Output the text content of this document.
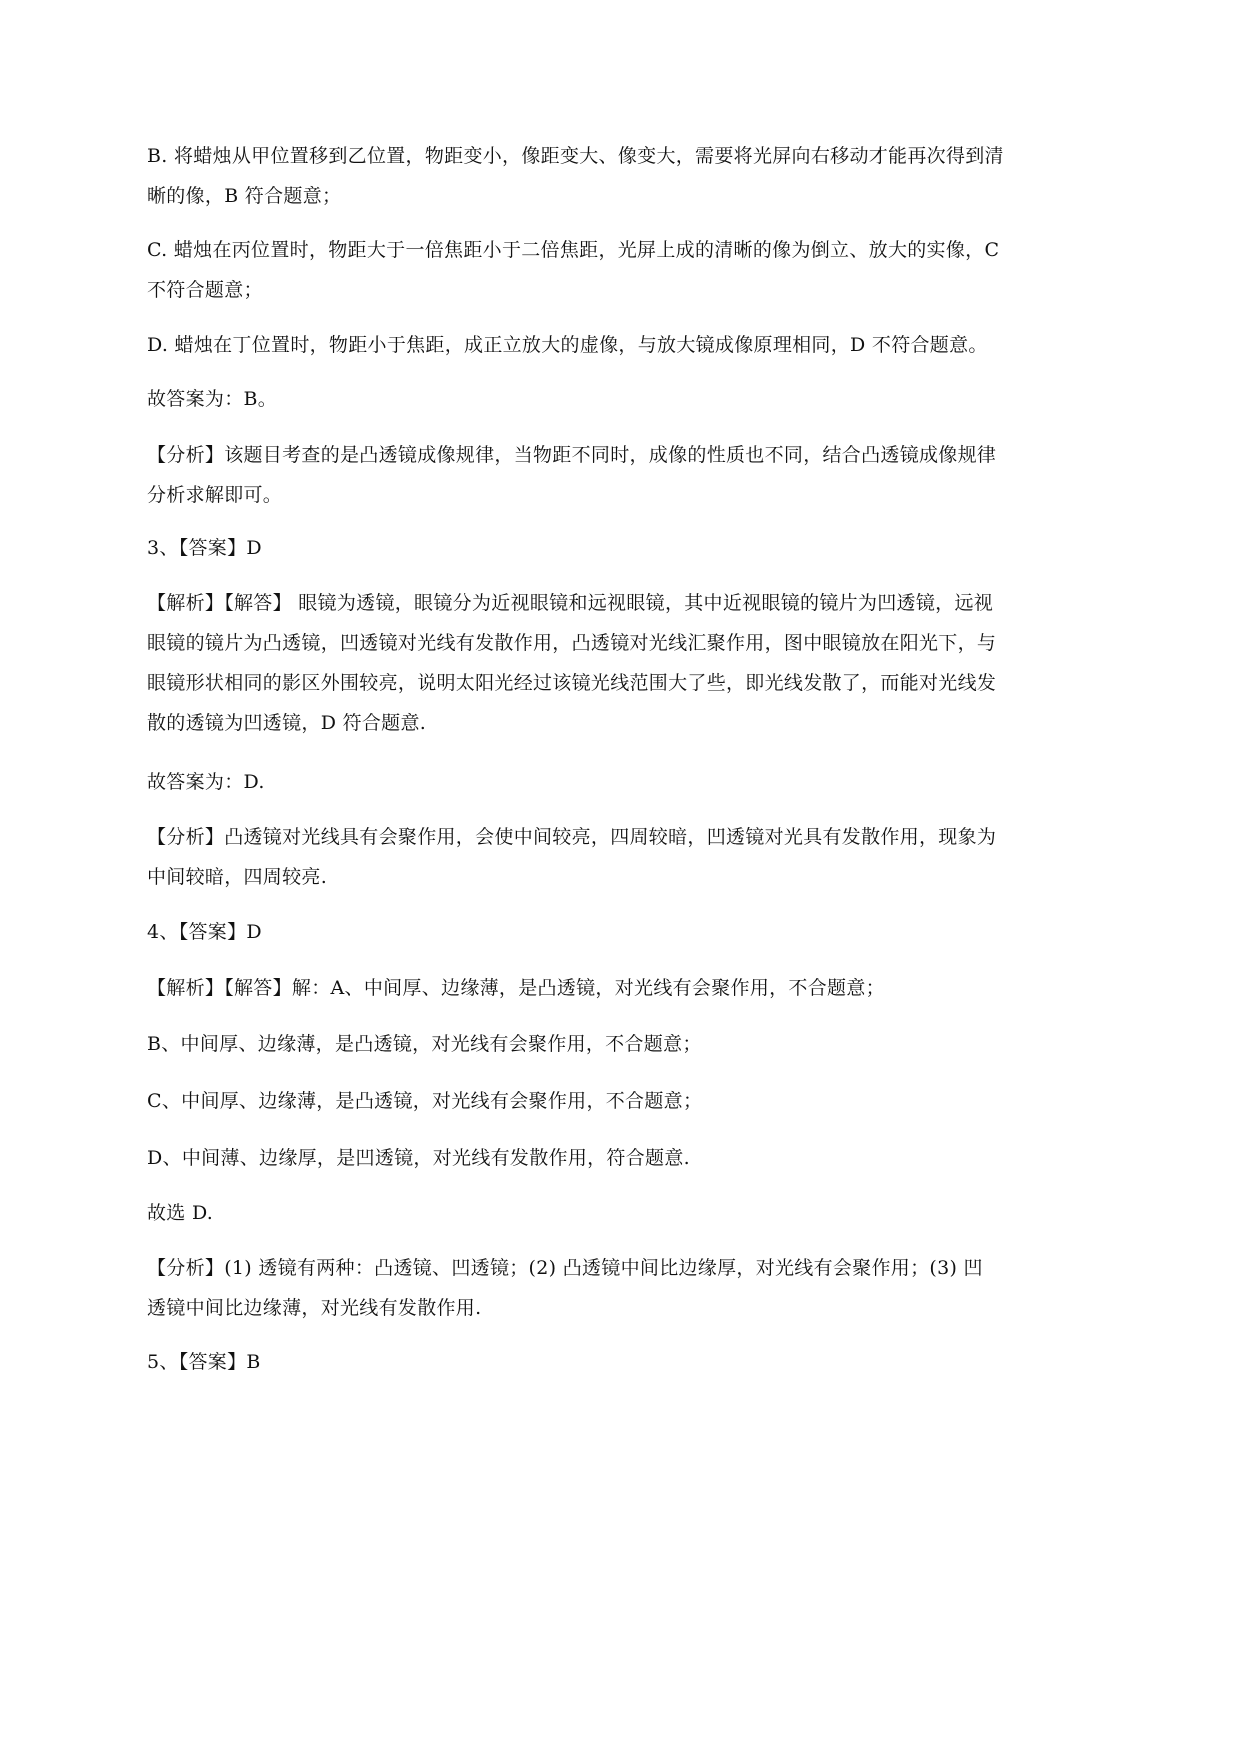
B. 将蜡烛从甲位置移到乙位置，物距变小，像距变大、像变大，需要将光屏向右移动才能再次得到清
晰的像，B 符合题意；
C. 蜡烛在丙位置时，物距大于一倍焦距小于二倍焦距，光屏上成的清晰的像为倒立、放大的实像，C
不符合题意；
D. 蜡烛在丁位置时，物距小于焦距，成正立放大的虚像，与放大镜成像原理相同，D 不符合题意。
故答案为：B。
【分析】该题目考查的是凸透镜成像规律，当物距不同时，成像的性质也不同，结合凸透镜成像规律
分析求解即可。
3、【答案】D
【解析】【解答】 眼镜为透镜，眼镜分为近视眼镜和远视眼镜，其中近视眼镜的镜片为凹透镜，远视
眼镜的镜片为凸透镜，凹透镜对光线有发散作用，凸透镜对光线汇聚作用，图中眼镜放在阳光下，与
眼镜形状相同的影区外围较亮，说明太阳光经过该镜光线范围大了些，即光线发散了，而能对光线发
散的透镜为凹透镜，D 符合题意.
故答案为：D.
【分析】凸透镜对光线具有会聚作用，会使中间较亮，四周较暗，凹透镜对光具有发散作用，现象为
中间较暗，四周较亮.
4、【答案】D
【解析】【解答】解：A、中间厚、边缘薄，是凸透镜，对光线有会聚作用，不合题意；
B、中间厚、边缘薄，是凸透镜，对光线有会聚作用，不合题意；
C、中间厚、边缘薄，是凸透镜，对光线有会聚作用，不合题意；
D、中间薄、边缘厚，是凹透镜，对光线有发散作用，符合题意.
故选 D.
【分析】(1) 透镜有两种：凸透镜、凹透镜；(2) 凸透镜中间比边缘厚，对光线有会聚作用；(3) 凹
透镜中间比边缘薄，对光线有发散作用.
5、【答案】B
